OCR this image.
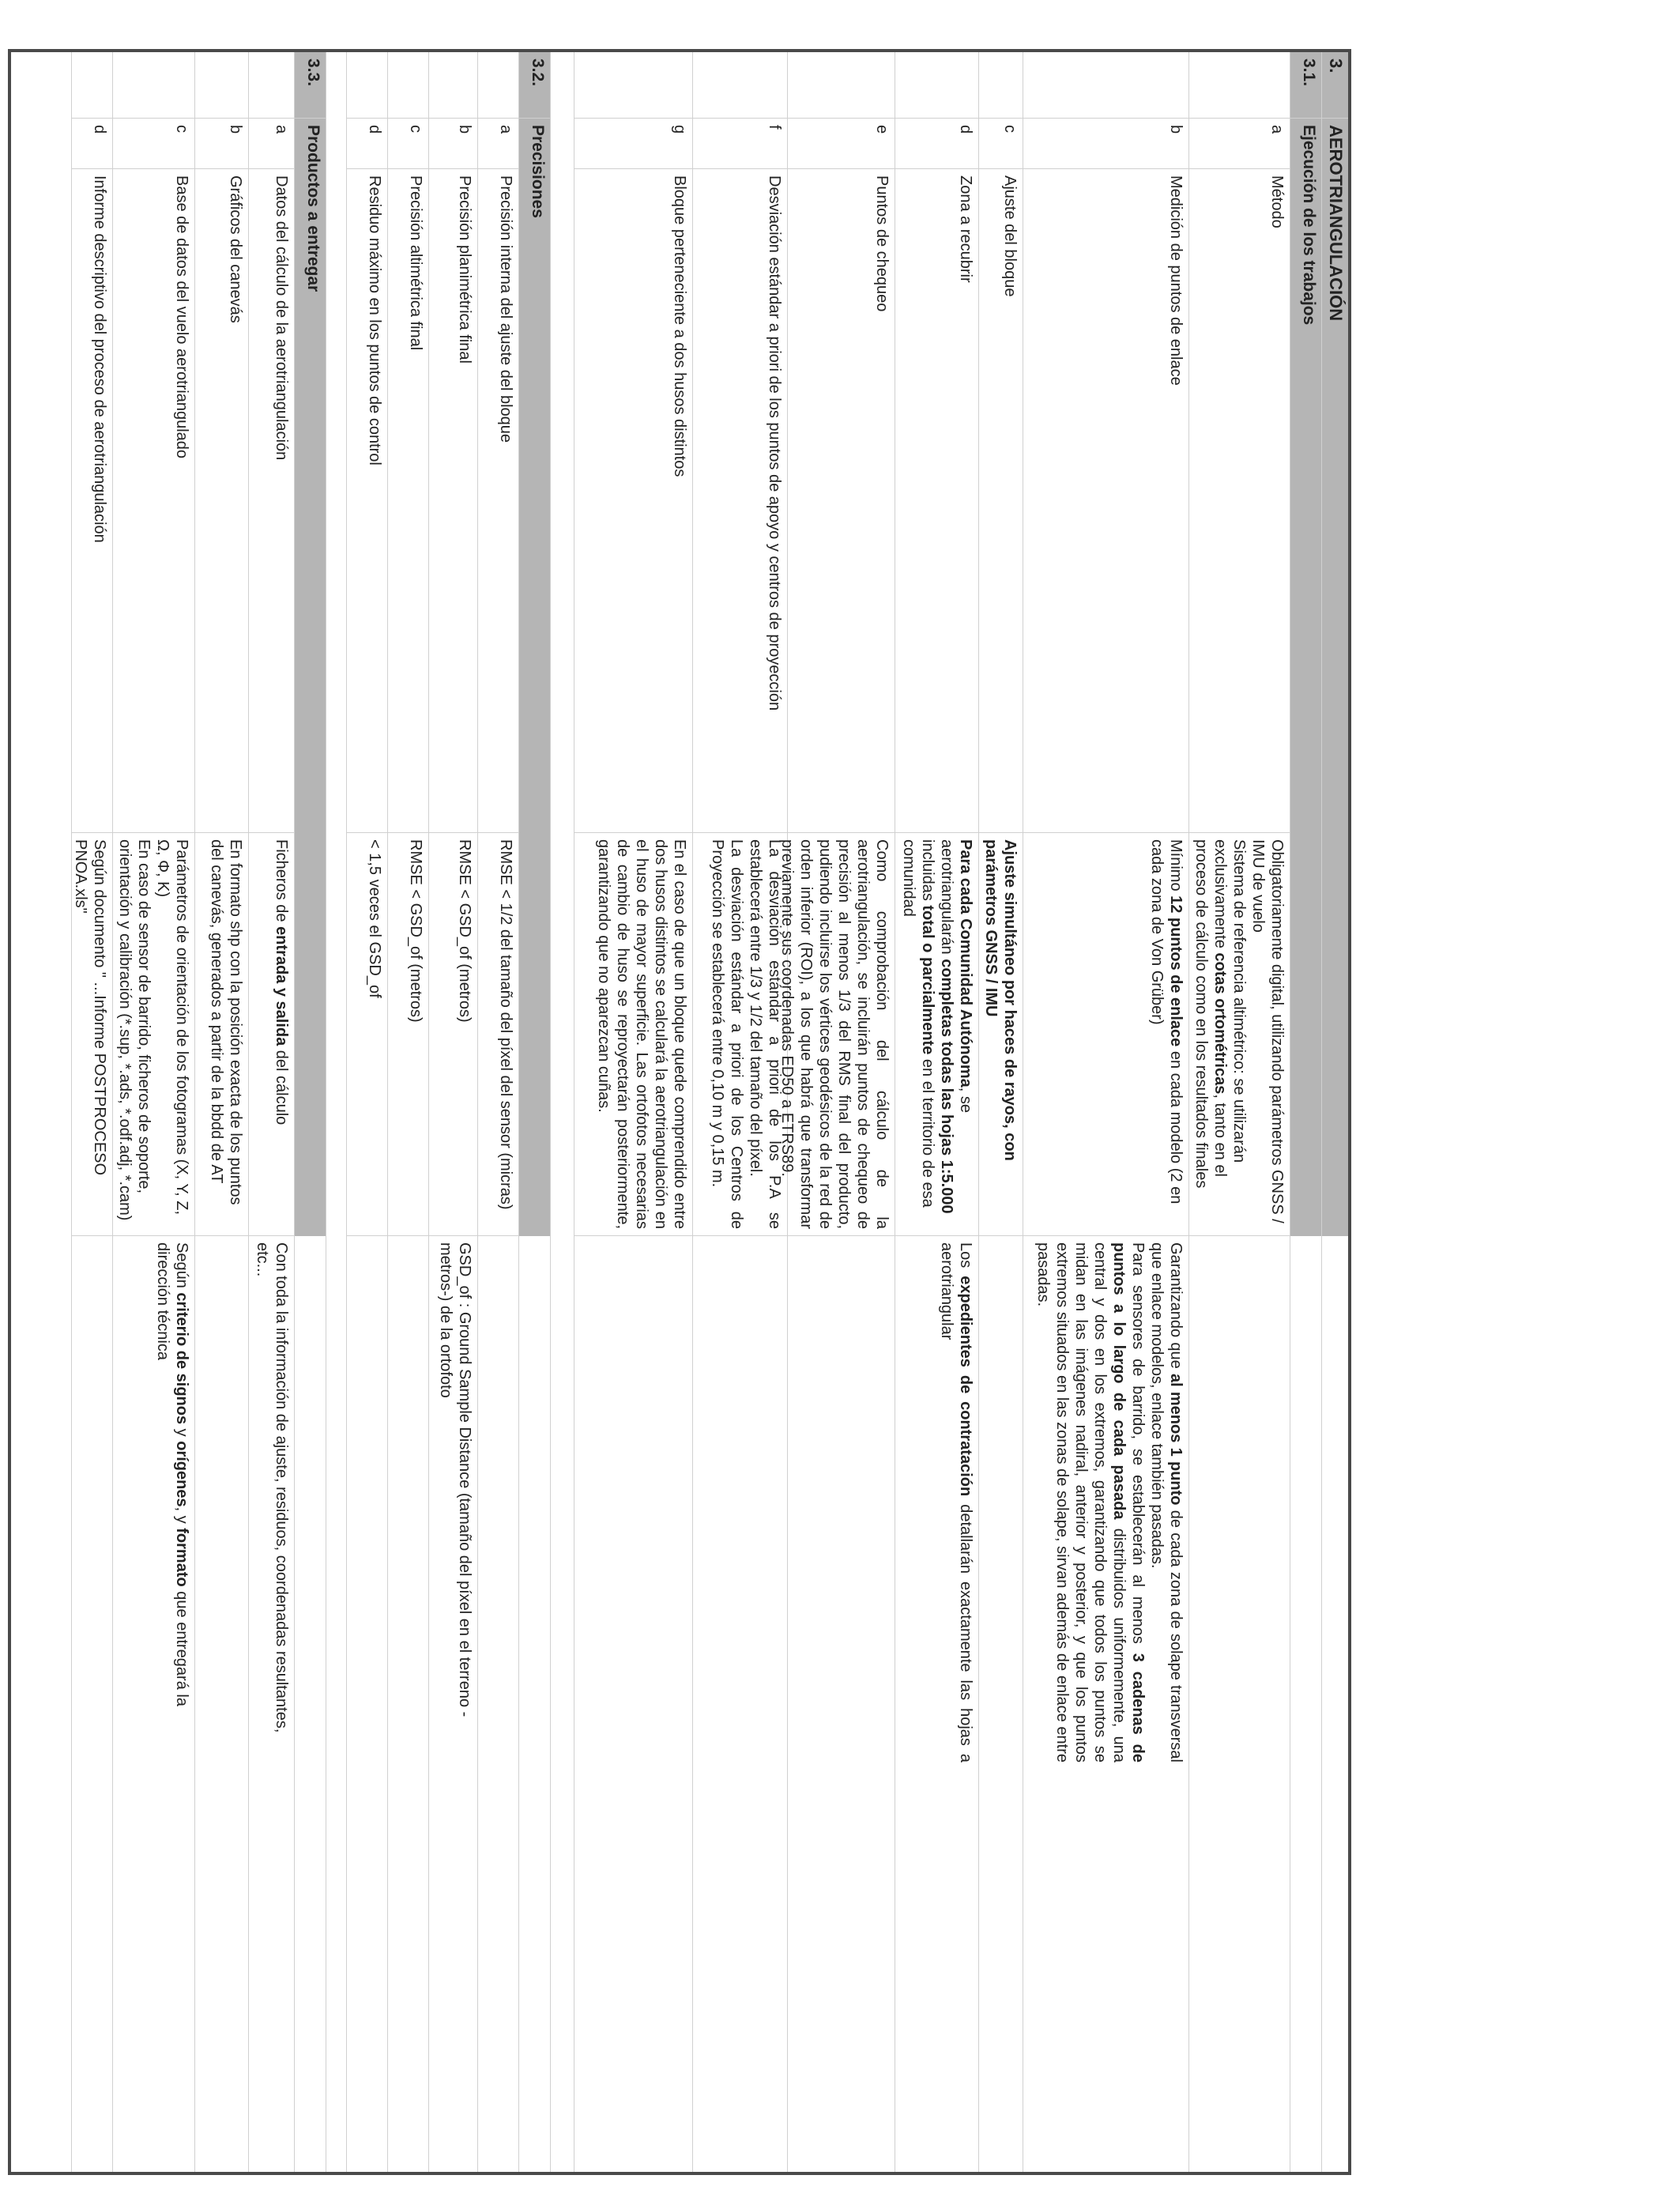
3.
AEROTRIANGULACIÓN
3.1.
Ejecución de los trabajos
a
Método
Obligatoriamente digital, utilizando parámetros GNSS / IMU de vuelo
Sistema de referencia altimétrico: se utilizarán exclusivamente cotas ortométricas, tanto en el proceso de cálculo como en los resultados finales
b
Medición de puntos de enlace
Mínimo 12 puntos de enlace en cada modelo (2 en cada zona de Von Grüber)
Garantizando que al menos 1 punto de cada zona de solape transversal que enlace modelos, enlace también pasadas.
Para sensores de barrido, se establecerán al menos 3 cadenas de puntos a lo largo de cada pasada distribuidos uniformemente, una central y dos en los extremos, garantizando que todos los puntos se midan en las imágenes nadiral, anterior y posterior, y que los puntos extremos situados en las zonas de solape, sirvan además de enlace entre pasadas.
c
Ajuste del bloque
Ajuste simultáneo por haces de rayos, con parámetros GNSS / IMU
d
Zona a recubrir
Para cada Comunidad Autónoma, se aerotriangularán completas todas las hojas 1:5.000 incluidas total o parcialmente en el territorio de esa comunidad
Los expedientes de contratación detallarán exactamente las hojas a aerotriangular
e
Puntos de chequeo
Como comprobación del cálculo de la aerotriangulación, se incluirán puntos de chequeo de precisión al menos 1/3 del RMS final del producto, pudiendo incluirse los vértices geodésicos de la red de orden inferior (ROI), a los que habrá que transformar previamente sus coordenadas ED50 a ETRS89.
f
Desviación estándar a priori de los puntos de apoyo y centros de proyección
La desviación estándar a priori de los P.A se establecerá entre 1/3 y 1/2 del tamaño del píxel.
La desviación estándar a priori de los Centros de Proyección se establecerá entre 0,10 m y 0,15 m.
g
Bloque perteneciente a dos husos distintos
En el caso de que un bloque quede comprendido entre dos husos distintos se calculará la aerotriangulación en el huso de mayor superficie. Las ortofotos necesarias de cambio de huso se reproyectarán posteriormente, garantizando que no aparezcan cuñas.
3.2.
Precisiones
a
Precisión interna del ajuste del bloque
RMSE < 1/2 del tamaño del píxel del sensor (micras)
b
Precisión planimétrica final
RMSE < GSD_of (metros)
GSD_of : Ground Sample Distance (tamaño del píxel en el terreno -metros-) de la ortofoto
c
Precisión altimétrica final
RMSE < GSD_of (metros)
d
Residuo máximo en los puntos de control
< 1,5 veces el GSD_of
3.3.
Productos a entregar
a
Datos del cálculo de la aerotriangulación
Ficheros de entrada y salida del cálculo
Con toda la información de ajuste, residuos, coordenadas resultantes, etc...
b
Gráficos del canevás
En formato shp con la posición exacta de los puntos del canevás, generados a partir de la bbdd de AT
c
Base de datos del vuelo aerotriangulado
Parámetros de orientación de los fotogramas (X, Y, Z, Ω, Φ, K)
En caso de sensor de barrido, ficheros de soporte, orientación y calibración (*.sup, *.ads, *.odf.adj, *.cam)
Según criterio de signos y orígenes, y formato que entregará la dirección técnica
d
Informe descriptivo del proceso de aerotriangulación
Según documento " ...Informe POSTPROCESO PNOA.xls"
